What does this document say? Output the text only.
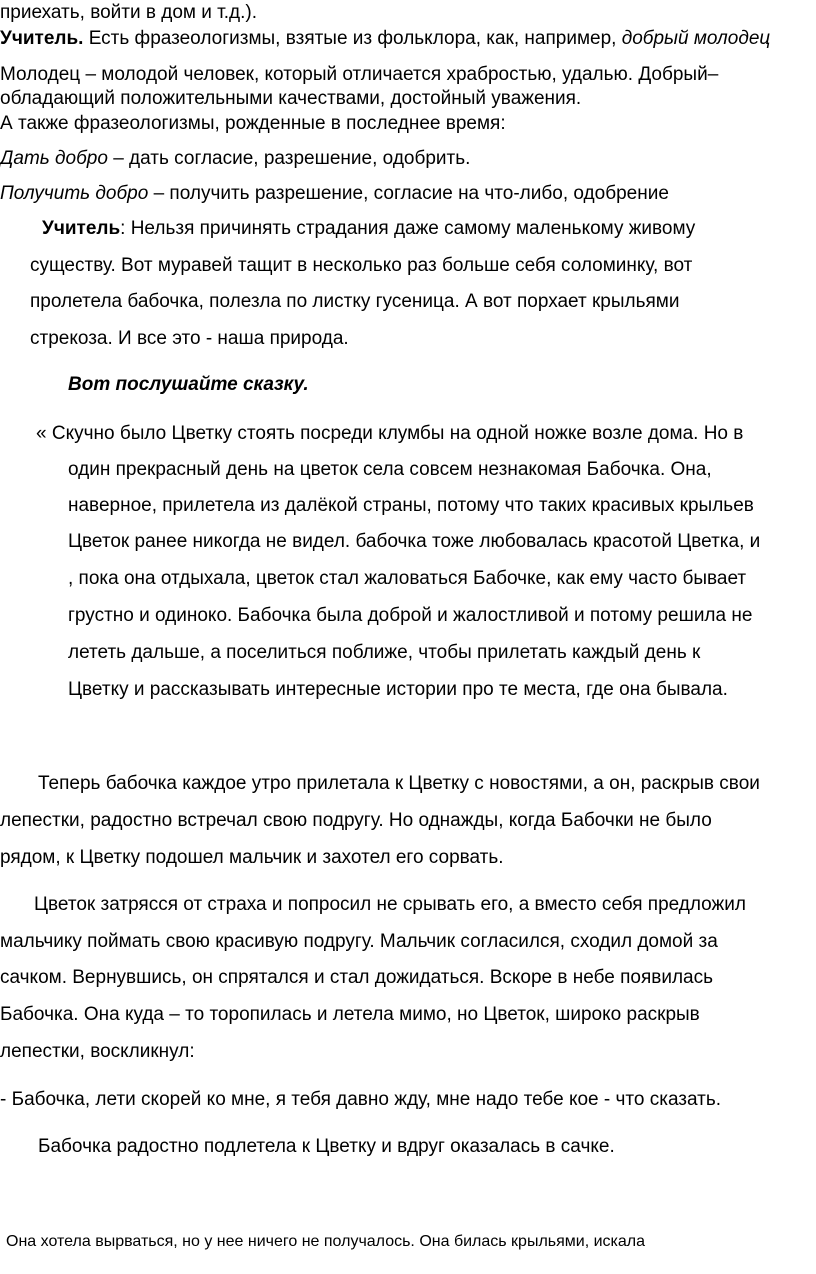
приехать, войти в дом и т.д.).
Учитель. Есть фразеологизмы, взятые из фольклора, как, например, добрый молодец
Молодец – молодой человек, который отличается храбростью, удалью. Добрый–
обладающий положительными качествами, достойный уважения.
А также фразеологизмы, рожденные в последнее время:
Дать добро – дать согласие, разрешение, одобрить.
Получить добро – получить разрешение, согласие на что-либо, одобрение
Учитель: Нельзя причинять страдания даже самому маленькому живому
существу. Вот муравей тащит в несколько раз больше себя соломинку, вот
пролетела бабочка, полезла по листку гусеница. А вот порхает крыльями
стрекоза. И все это - наша природа.
Вот послушайте сказку.
« Скучно было Цветку стоять посреди клумбы на одной ножке возле дома. Но в
один прекрасный день на цветок села совсем незнакомая Бабочка. Она,
наверное, прилетела из далёкой страны, потому что таких красивых крыльев
Цветок ранее никогда не видел. бабочка тоже любовалась красотой Цветка, и
, пока она отдыхала, цветок стал жаловаться Бабочке, как ему часто бывает
грустно и одиноко. Бабочка была доброй и жалостливой и потому решила не
лететь дальше, а поселиться поближе, чтобы прилетать каждый день к
Цветку и рассказывать интересные истории про те места, где она бывала.
Теперь бабочка каждое утро прилетала к Цветку с новостями, а он, раскрыв свои
лепестки, радостно встречал свою подругу. Но однажды, когда Бабочки не было
рядом, к Цветку подошел мальчик и захотел его сорвать.
Цветок затрясся от страха и попросил не срывать его, а вместо себя предложил
мальчику поймать свою красивую подругу. Мальчик согласился, сходил домой за
сачком. Вернувшись, он спрятался и стал дожидаться. Вскоре в небе появилась
Бабочка. Она куда – то торопилась и летела мимо, но Цветок, широко раскрыв
лепестки, воскликнул:
- Бабочка, лети скорей ко мне, я тебя давно жду, мне надо тебе кое - что сказать.
Бабочка радостно подлетела к Цветку и вдруг оказалась в сачке.
Она хотела вырваться, но у нее ничего не получалось. Она билась крыльями, искала
